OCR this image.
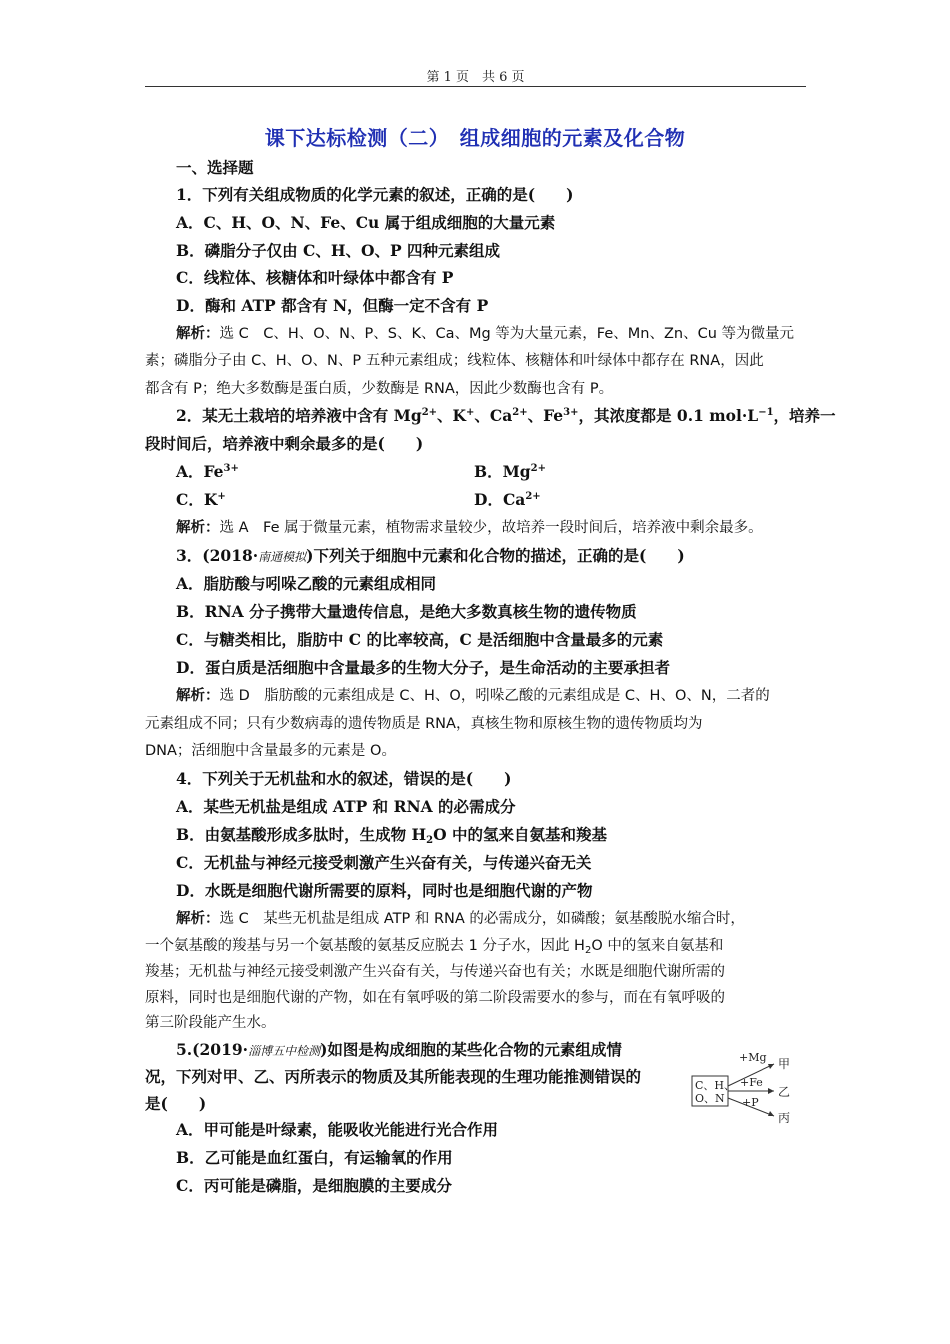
第 1 页　共 6 页
课下达标检测（二）　组成细胞的元素及化合物
一、选择题
1．下列有关组成物质的化学元素的叙述，正确的是(　　)
A．C、H、O、N、Fe、Cu 属于组成细胞的大量元素
B．磷脂分子仅由 C、H、O、P 四种元素组成
C．线粒体、核糖体和叶绿体中都含有 P
D．酶和 ATP 都含有 N，但酶一定不含有 P
解析：选 C　C、H、O、N、P、S、K、Ca、Mg 等为大量元素，Fe、Mn、Zn、Cu 等为微量元
素；磷脂分子由 C、H、O、N、P 五种元素组成；线粒体、核糖体和叶绿体中都存在 RNA，因此
都含有 P；绝大多数酶是蛋白质，少数酶是 RNA，因此少数酶也含有 P。
2．某无土栽培的培养液中含有 $Mg^{2+}$、K+、$Ca^{2+}$、$Fe^{3+}$，其浓度都是 0.1 $mol\cdot L^{-1}$，培养一
段时间后，培养液中剩余最多的是(　　)
A．$Fe^{3+}$	B．$Mg^{2+}$
C．K+	D．$Ca^{2+}$
解析：选 A　Fe 属于微量元素，植物需求量较少，故培养一段时间后，培养液中剩余最多。
3．(2018·南通模拟)下列关于细胞中元素和化合物的描述，正确的是(　　)
A．脂肪酸与吲哚乙酸的元素组成相同
B．RNA 分子携带大量遗传信息，是绝大多数真核生物的遗传物质
C．与糖类相比，脂肪中 C 的比率较高，C 是活细胞中含量最多的元素
D．蛋白质是活细胞中含量最多的生物大分子，是生命活动的主要承担者
解析：选 D　脂肪酸的元素组成是 C、H、O，吲哚乙酸的元素组成是 C、H、O、N，二者的
元素组成不同；只有少数病毒的遗传物质是 RNA，真核生物和原核生物的遗传物质均为
DNA；活细胞中含量最多的元素是 O。
4．下列关于无机盐和水的叙述，错误的是(　　)
A．某些无机盐是组成 ATP 和 RNA 的必需成分
B．由氨基酸形成多肽时，生成物 $H_2O$ 中的氢来自氨基和羧基
C．无机盐与神经元接受刺激产生兴奋有关，与传递兴奋无关
D．水既是细胞代谢所需要的原料，同时也是细胞代谢的产物
解析：选 C　某些无机盐是组成 ATP 和 RNA 的必需成分，如磷酸；氨基酸脱水缩合时，
一个氨基酸的羧基与另一个氨基酸的氨基反应脱去 1 分子水，因此 $H_2O$ 中的氢来自氨基和
羧基；无机盐与神经元接受刺激产生兴奋有关，与传递兴奋也有关；水既是细胞代谢所需的
原料，同时也是细胞代谢的产物，如在有氧呼吸的第二阶段需要水的参与，而在有氧呼吸的
第三阶段能产生水。
5.(2019·淄博五中检测)如图是构成细胞的某些化合物的元素组成情
况，下列对甲、乙、丙所表示的物质及其所能表现的生理功能推测错误的
是(　　)
A．甲可能是叶绿素，能吸收光能进行光合作用
B．乙可能是血红蛋白，有运输氧的作用
C．丙可能是磷脂，是细胞膜的主要成分
C、H、
O、N
+Mg
+Fe
+P
甲
乙
丙
